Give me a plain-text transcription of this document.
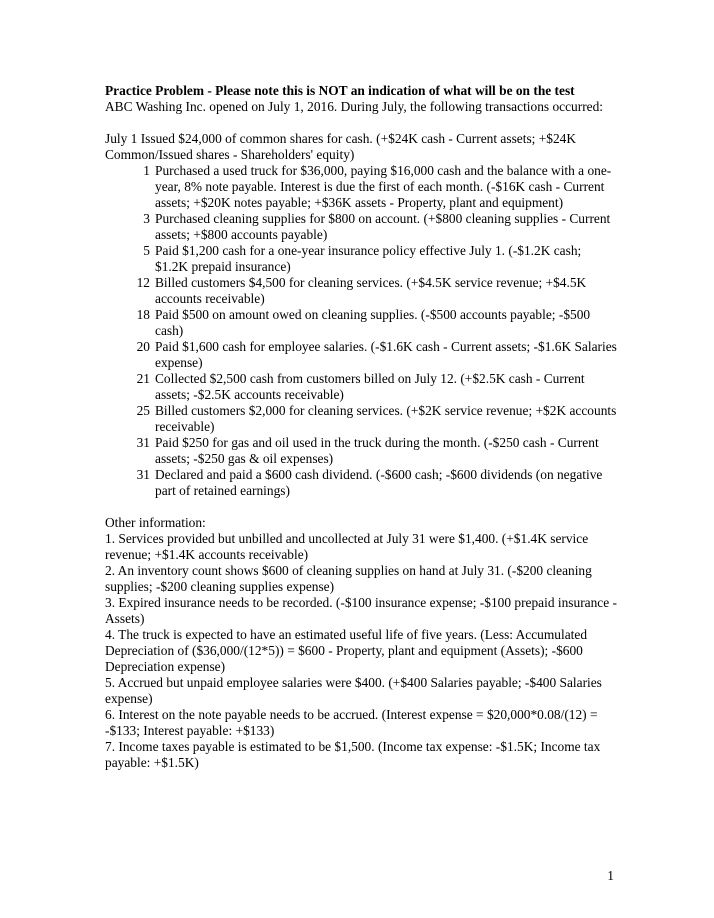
Practice Problem - Please note this is NOT an indication of what will be on the test
ABC Washing Inc. opened on July 1, 2016. During July, the following transactions occurred:
July 1 Issued $24,000 of common shares for cash. (+$24K cash - Current assets; +$24K Common/Issued shares - Shareholders' equity)
1 Purchased a used truck for $36,000, paying $16,000 cash and the balance with a one-year, 8% note payable. Interest is due the first of each month. (-$16K cash - Current assets; +$20K notes payable; +$36K assets - Property, plant and equipment)
3 Purchased cleaning supplies for $800 on account. (+$800 cleaning supplies - Current assets; +$800 accounts payable)
5 Paid $1,200 cash for a one-year insurance policy effective July 1. (-$1.2K cash; $1.2K prepaid insurance)
12 Billed customers $4,500 for cleaning services. (+$4.5K service revenue; +$4.5K accounts receivable)
18 Paid $500 on amount owed on cleaning supplies. (-$500 accounts payable; -$500 cash)
20 Paid $1,600 cash for employee salaries. (-$1.6K cash - Current assets; -$1.6K Salaries expense)
21 Collected $2,500 cash from customers billed on July 12. (+$2.5K cash - Current assets; -$2.5K accounts receivable)
25 Billed customers $2,000 for cleaning services. (+$2K service revenue; +$2K accounts receivable)
31 Paid $250 for gas and oil used in the truck during the month. (-$250 cash - Current assets; -$250 gas & oil expenses)
31 Declared and paid a $600 cash dividend. (-$600 cash; -$600 dividends (on negative part of retained earnings)
Other information:
1. Services provided but unbilled and uncollected at July 31 were $1,400. (+$1.4K service revenue; +$1.4K accounts receivable)
2. An inventory count shows $600 of cleaning supplies on hand at July 31. (-$200 cleaning supplies; -$200 cleaning supplies expense)
3. Expired insurance needs to be recorded. (-$100 insurance expense; -$100 prepaid insurance - Assets)
4. The truck is expected to have an estimated useful life of five years. (Less: Accumulated Depreciation of ($36,000/(12*5)) = $600 - Property, plant and equipment (Assets); -$600 Depreciation expense)
5. Accrued but unpaid employee salaries were $400. (+$400 Salaries payable; -$400 Salaries expense)
6. Interest on the note payable needs to be accrued. (Interest expense = $20,000*0.08/(12) = -$133; Interest payable: +$133)
7. Income taxes payable is estimated to be $1,500. (Income tax expense: -$1.5K; Income tax payable: +$1.5K)
1
